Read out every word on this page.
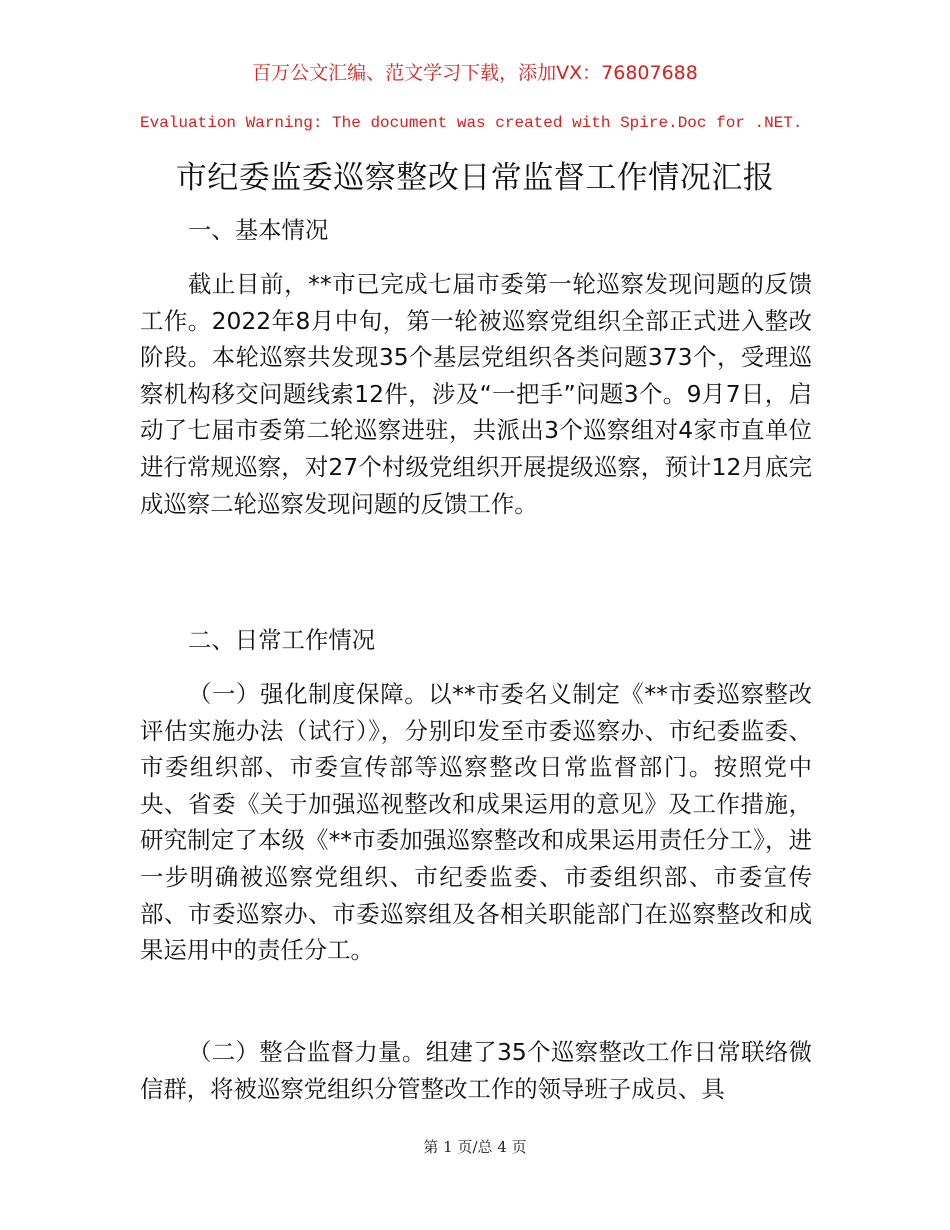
百万公文汇编、范文学习下载，添加VX：76807688
Evaluation Warning: The document was created with Spire.Doc for .NET.
市纪委监委巡察整改日常监督工作情况汇报
一、基本情况
截止目前，**市已完成七届市委第一轮巡察发现问题的反馈工作。2022年8月中旬，第一轮被巡察党组织全部正式进入整改阶段。本轮巡察共发现35个基层党组织各类问题373个，受理巡察机构移交问题线索12件，涉及“一把手”问题3个。9月7日，启动了七届市委第二轮巡察进驻，共派出3个巡察组对4家市直单位进行常规巡察，对27个村级党组织开展提级巡察，预计12月底完成巡察二轮巡察发现问题的反馈工作。
二、日常工作情况
（一）强化制度保障。以**市委名义制定《**市委巡察整改评估实施办法（试行）》，分别印发至市委巡察办、市纪委监委、市委组织部、市委宣传部等巡察整改日常监督部门。按照党中央、省委《关于加强巡视整改和成果运用的意见》及工作措施，研究制定了本级《**市委加强巡察整改和成果运用责任分工》，进一步明确被巡察党组织、市纪委监委、市委组织部、市委宣传部、市委巡察办、市委巡察组及各相关职能部门在巡察整改和成果运用中的责任分工。
（二）整合监督力量。组建了35个巡察整改工作日常联络微信群，将被巡察党组织分管整改工作的领导班子成员、具
第 1 页/总 4 页
